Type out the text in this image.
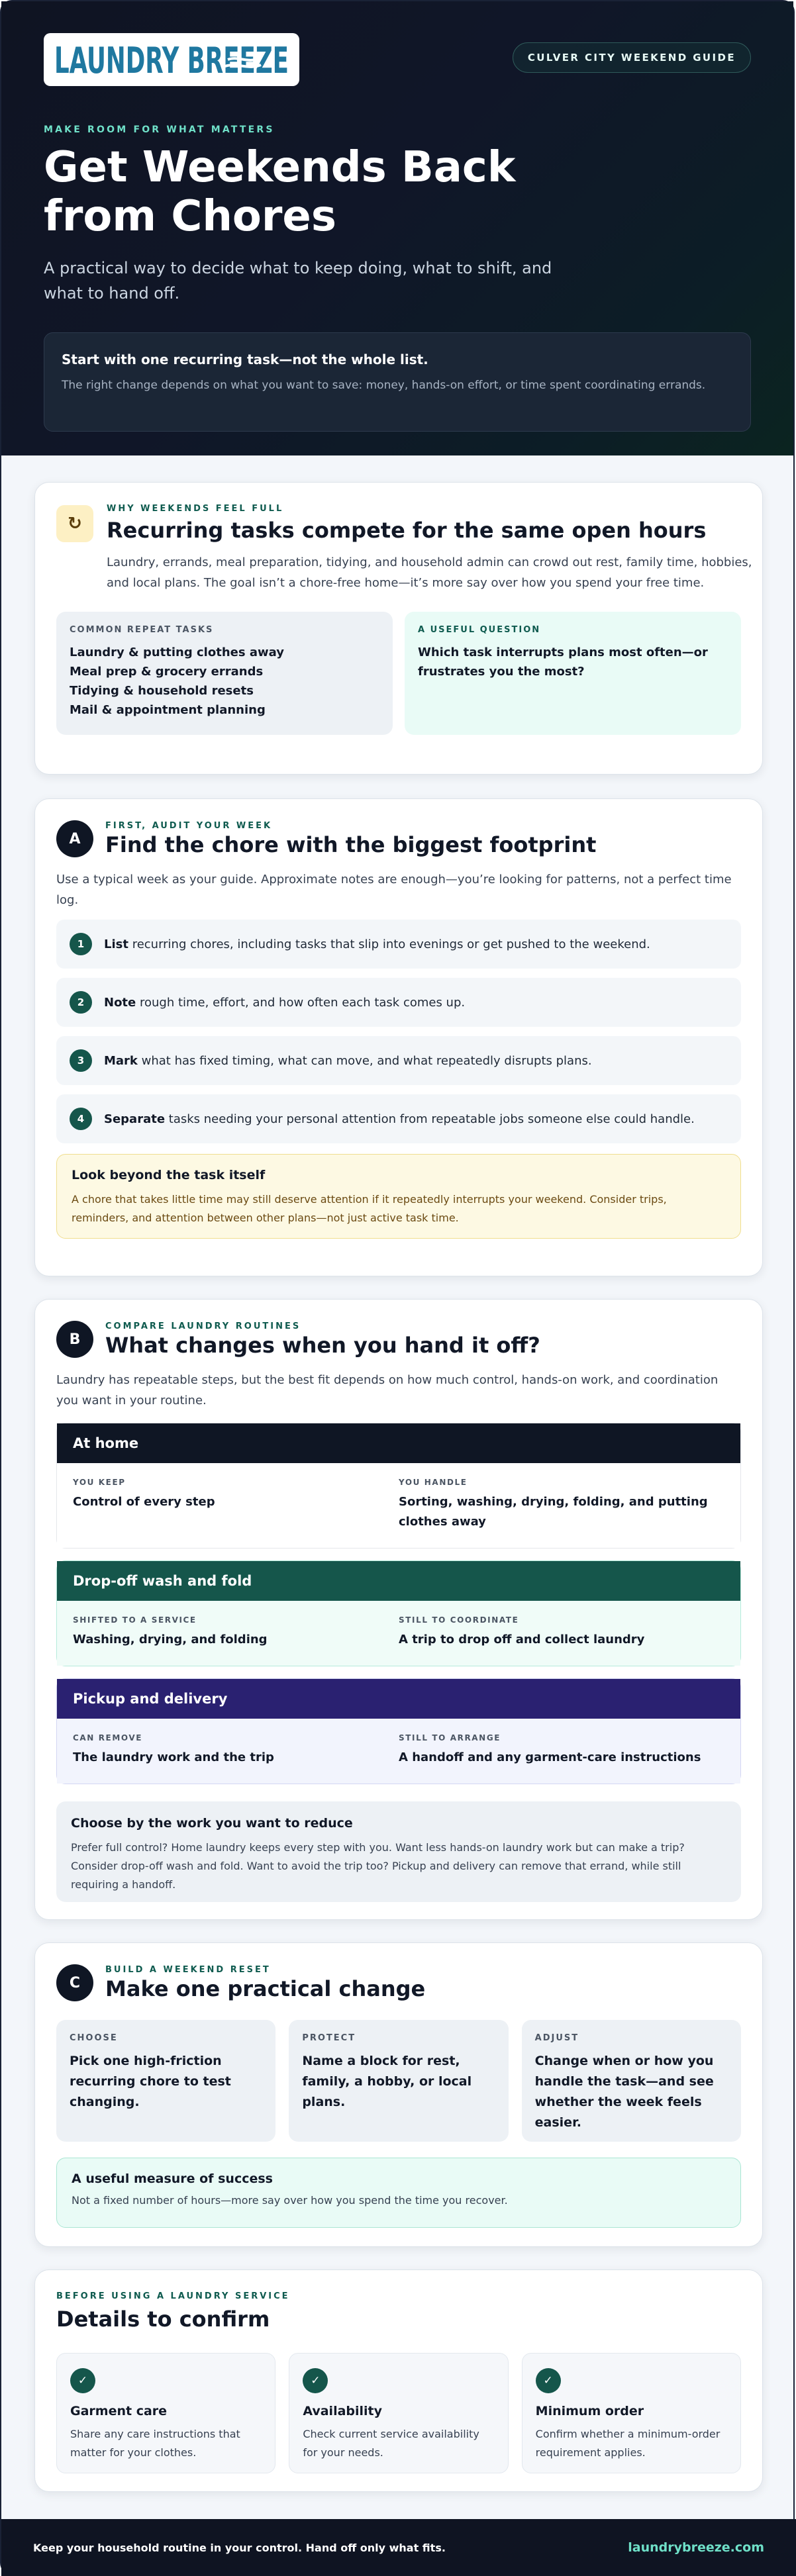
LAUNDRY BREEZE	CULVER CITY WEEKEND GUIDE
MAKE ROOM FOR WHAT MATTERS
Get Weekends Back from Chores

A practical way to decide what to keep doing, what to shift, and what to hand off.

Start with one recurring task—not the whole list.
The right change depends on what you want to save: money, hands-on effort, or time spent coordinating errands.
↻
WHY WEEKENDS FEEL FULL
Recurring tasks compete for the same open hours

Laundry, errands, meal preparation, tidying, and household admin can crowd out rest, family time, hobbies, and local plans. The goal isn’t a chore-free home—it’s more say over how you spend your free time.

COMMON REPEAT TASKS
Laundry & putting clothes away
Meal prep & grocery errands
Tidying & household resets
Mail & appointment planning
A USEFUL QUESTION
Which task interrupts plans most often—or frustrates you the most?
A
FIRST, AUDIT YOUR WEEK
Find the chore with the biggest footprint

Use a typical week as your guide. Approximate notes are enough—you’re looking for patterns, not a perfect time log.

1	List recurring chores, including tasks that slip into evenings or get pushed to the weekend.
2	Note rough time, effort, and how often each task comes up.
3	Mark what has fixed timing, what can move, and what repeatedly disrupts plans.
4	Separate tasks needing your personal attention from repeatable jobs someone else could handle.
Look beyond the task itself
A chore that takes little time may still deserve attention if it repeatedly interrupts your weekend. Consider trips, reminders, and attention between other plans—not just active task time.
B
COMPARE LAUNDRY ROUTINES
What changes when you hand it off?

Laundry has repeatable steps, but the best fit depends on how much control, hands-on work, and coordination you want in your routine.

At home
YOU KEEP
Control of every step
YOU HANDLE
Sorting, washing, drying, folding, and putting clothes away
Drop-off wash and fold
SHIFTED TO A SERVICE
Washing, drying, and folding
STILL TO COORDINATE
A trip to drop off and collect laundry
Pickup and delivery
CAN REMOVE
The laundry work and the trip
STILL TO ARRANGE
A handoff and any garment-care instructions
Choose by the work you want to reduce
Prefer full control? Home laundry keeps every step with you. Want less hands-on laundry work but can make a trip? Consider drop-off wash and fold. Want to avoid the trip too? Pickup and delivery can remove that errand, while still requiring a handoff.
C
BUILD A WEEKEND RESET
Make one practical change
CHOOSE
Pick one high-friction recurring chore to test changing.
PROTECT
Name a block for rest, family, a hobby, or local plans.
ADJUST
Change when or how you handle the task—and see whether the week feels easier.
A useful measure of success
Not a fixed number of hours—more say over how you spend the time you recover.
BEFORE USING A LAUNDRY SERVICE
Details to confirm
✓
Garment care
Share any care instructions that matter for your clothes.
✓
Availability
Check current service availability for your needs.
✓
Minimum order
Confirm whether a minimum-order requirement applies.
Keep your household routine in your control. Hand off only what fits.	laundrybreeze.com
